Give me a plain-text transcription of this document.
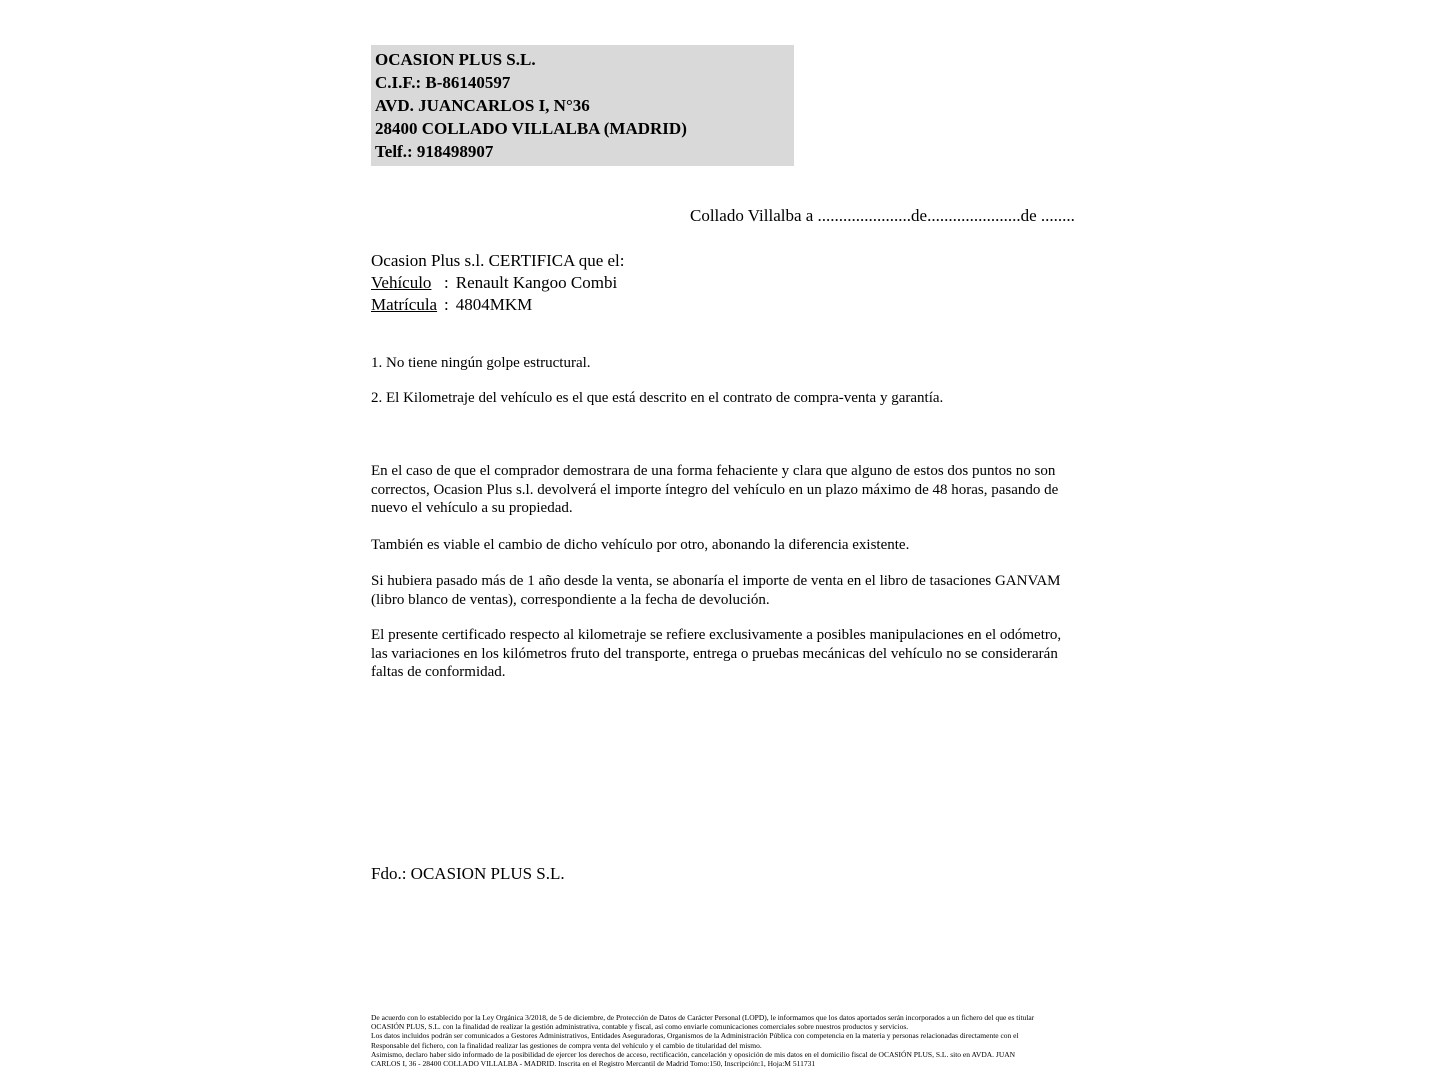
OCASION PLUS S.L.
C.I.F.: B-86140597
AVD. JUANCARLOS I, N°36
28400 COLLADO VILLALBA (MADRID)
Telf.: 918498907
Collado Villalba a ......................de......................de ........
Ocasion Plus s.l. CERTIFICA que el:
Vehículo : Renault Kangoo Combi
Matrícula : 4804MKM
1. No tiene ningún golpe estructural.
2. El Kilometraje del vehículo es el que está descrito en el contrato de compra-venta y garantía.
En el caso de que el comprador demostrara de una forma fehaciente y clara que alguno de estos dos puntos no son correctos, Ocasion Plus s.l. devolverá el importe íntegro del vehículo en un plazo máximo de 48 horas, pasando de nuevo el vehículo a su propiedad.
También es viable el cambio de dicho vehículo por otro, abonando la diferencia existente.
Si hubiera pasado más de 1 año desde la venta, se abonaría el importe de venta en el libro de tasaciones GANVAM (libro blanco de ventas), correspondiente a la fecha de devolución.
El presente certificado respecto al kilometraje se refiere exclusivamente a posibles manipulaciones en el odómetro, las variaciones en los kilómetros fruto del transporte, entrega o pruebas mecánicas del vehículo no se considerarán faltas de conformidad.
Fdo.: OCASION PLUS S.L.
De acuerdo con lo establecido por la Ley Orgánica 3/2018, de 5 de diciembre, de Protección de Datos de Carácter Personal (LOPD), le informamos que los datos aportados serán incorporados a un fichero del que es titular
OCASIÓN PLUS, S.L. con la finalidad de realizar la gestión administrativa, contable y fiscal, así como enviarle comunicaciones comerciales sobre nuestros productos y servicios.
Los datos incluidos podrán ser comunicados a Gestores Administrativos, Entidades Aseguradoras, Organismos de la Administración Pública con competencia en la materia y personas relacionadas directamente con el
Responsable del fichero, con la finalidad realizar las gestiones de compra venta del vehículo y el cambio de titularidad del mismo.
Asimismo, declaro haber sido informado de la posibilidad de ejercer los derechos de acceso, rectificación, cancelación y oposición de mis datos en el domicilio fiscal de OCASIÓN PLUS, S.L. sito en AVDA. JUAN
CARLOS I, 36 - 28400 COLLADO VILLALBA - MADRID. Inscrita en el Registro Mercantil de Madrid Tomo:150, Inscripción:1, Hoja:M 511731
